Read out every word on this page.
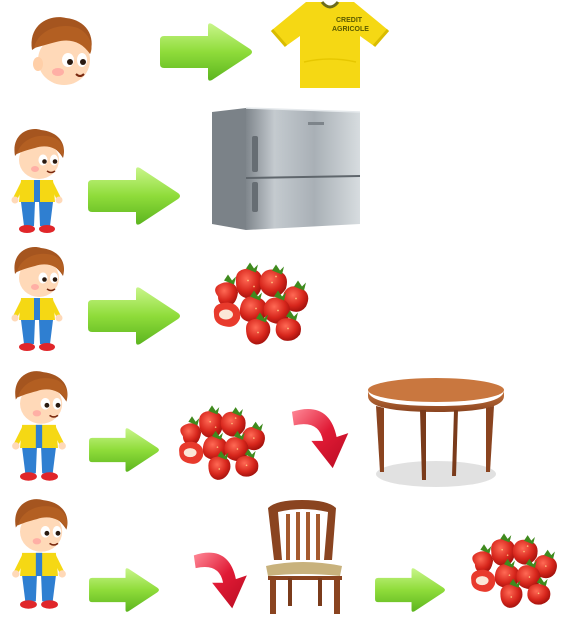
CREDIT
AGRICOLE
